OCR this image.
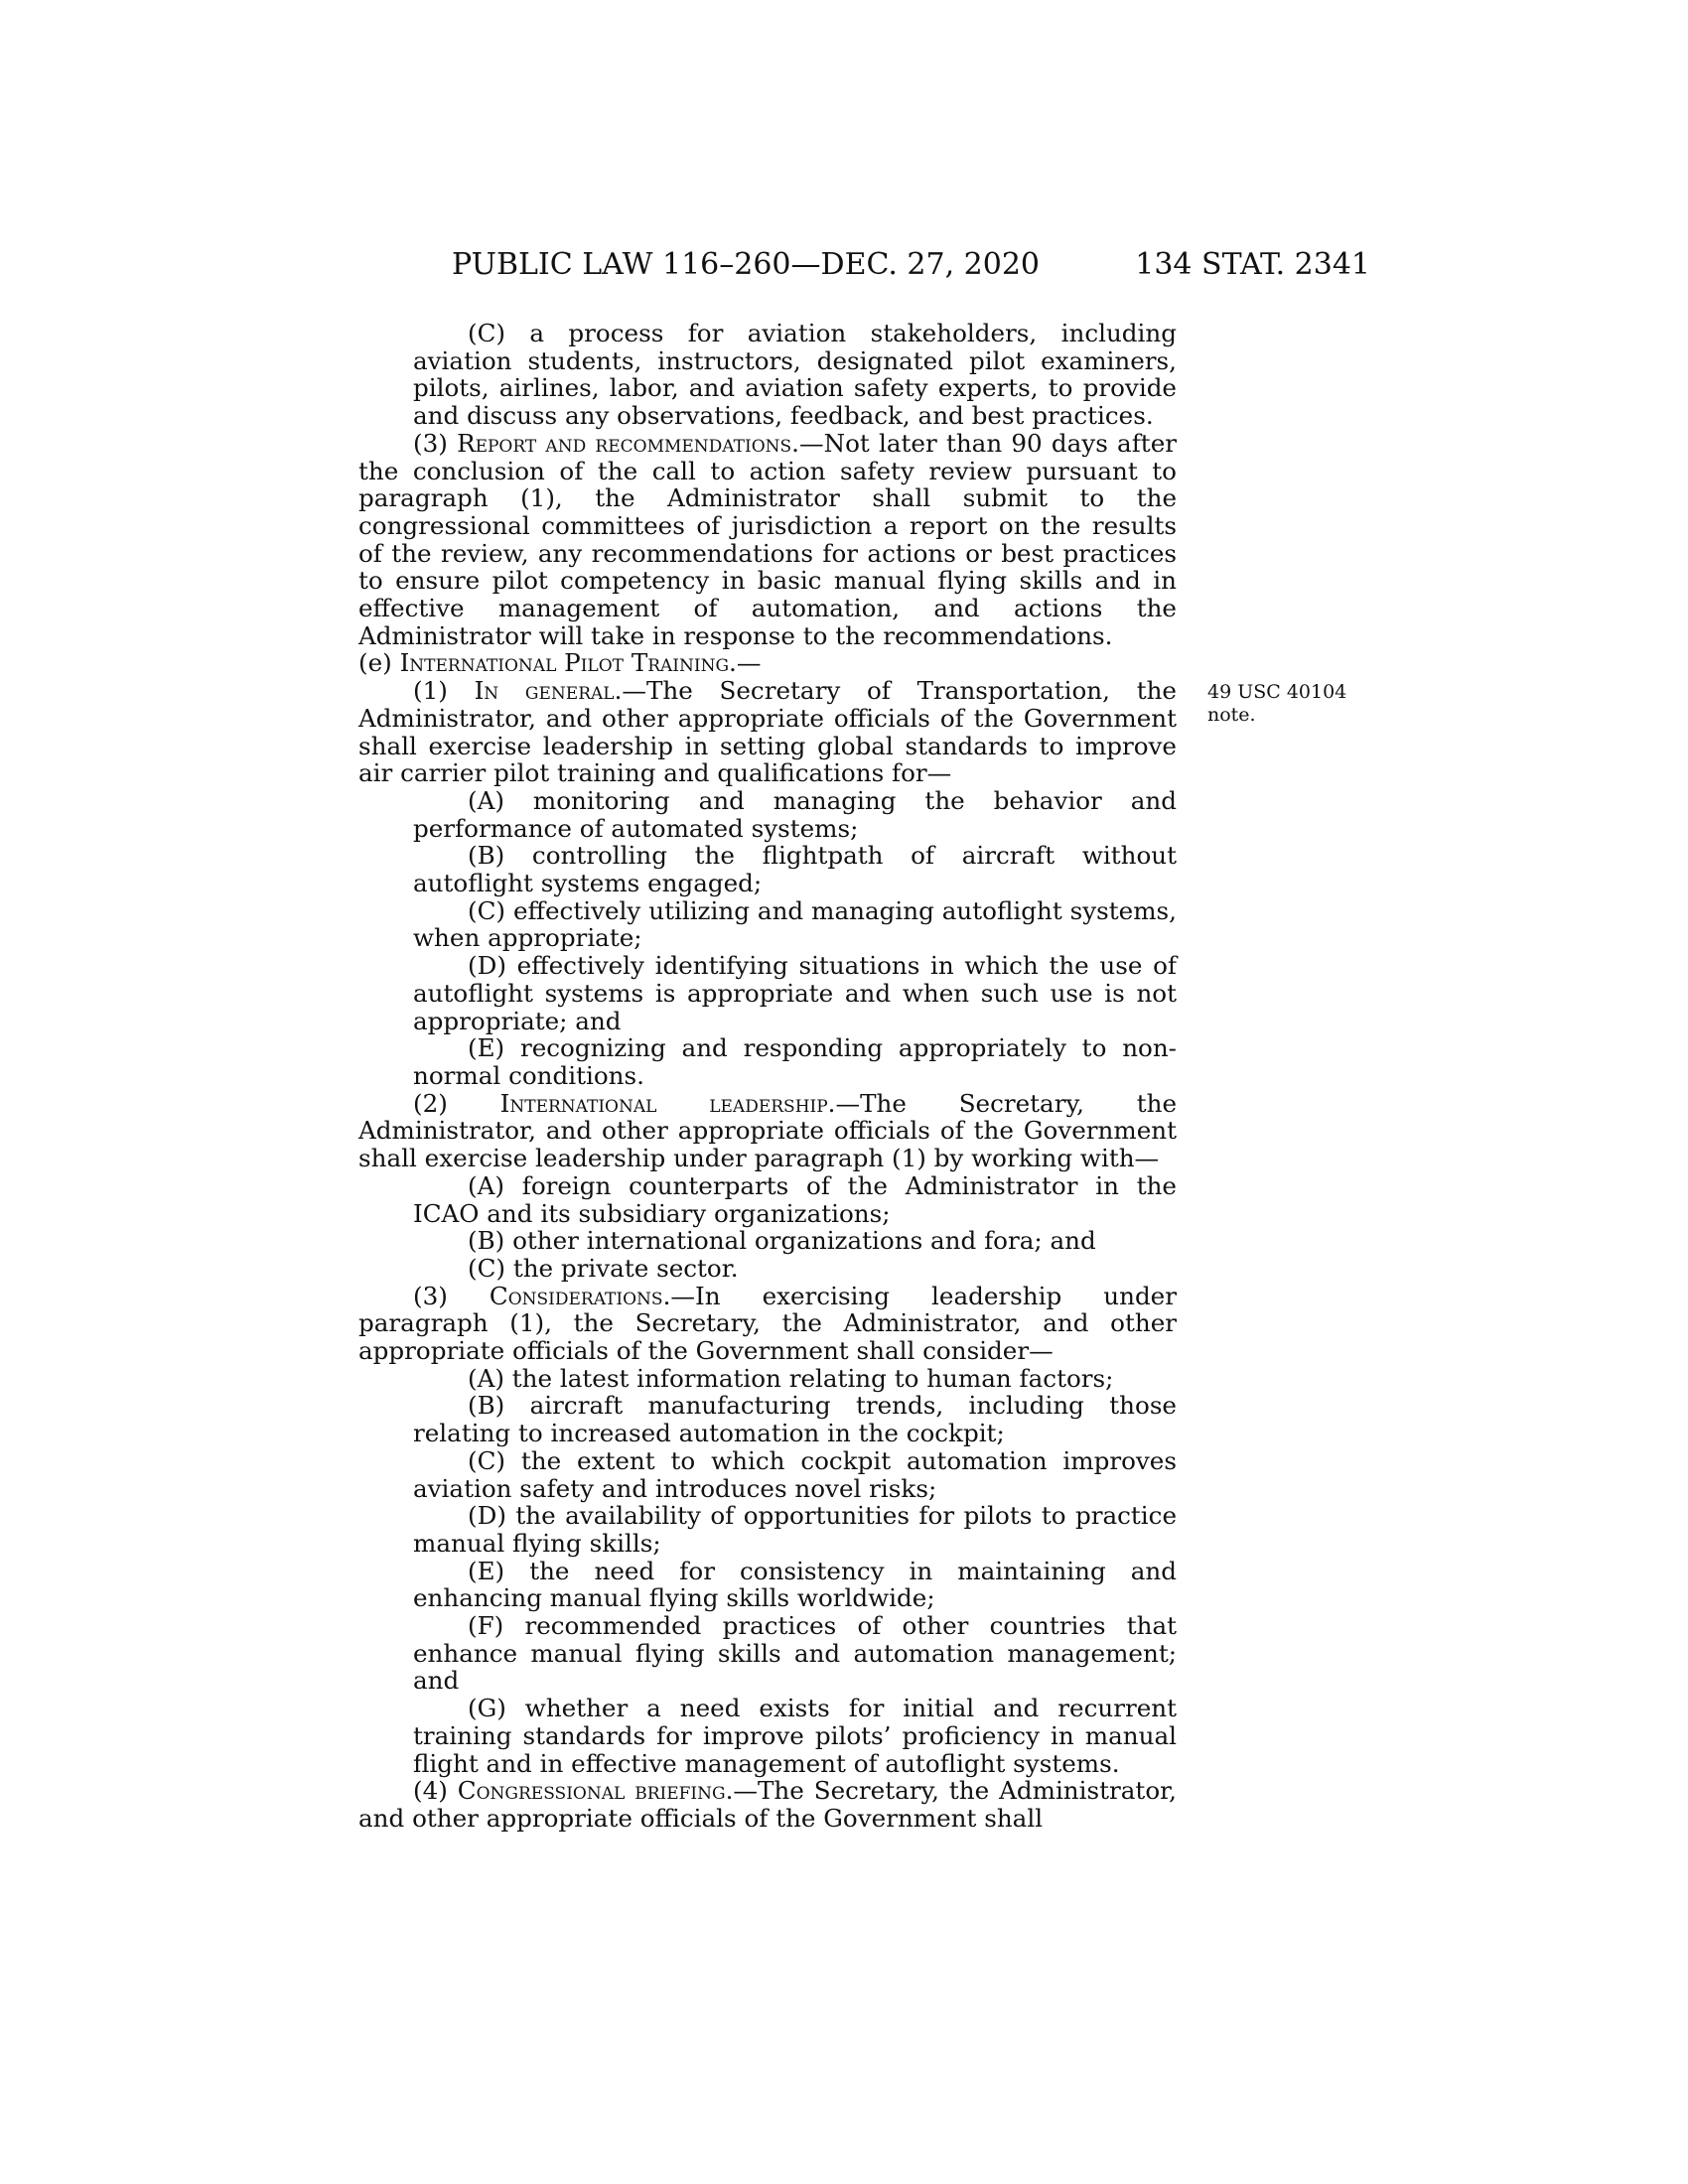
PUBLIC LAW 116–260—DEC. 27, 2020	134 STAT. 2341
49 USC 40104
note.

(C) a process for aviation stakeholders, including aviation students, instructors, designated pilot examiners, pilots, airlines, labor, and aviation safety experts, to provide and discuss any observations, feedback, and best practices.

(3) Report and recommendations.—Not later than 90 days after the conclusion of the call to action safety review pursuant to paragraph (1), the Administrator shall submit to the congressional committees of jurisdiction a report on the results of the review, any recommendations for actions or best practices to ensure pilot competency in basic manual flying skills and in effective management of automation, and actions the Administrator will take in response to the recommendations.

(e) International Pilot Training.—

(1) In general.—The Secretary of Transportation, the Administrator, and other appropriate officials of the Government shall exercise leadership in setting global standards to improve air carrier pilot training and qualifications for—

(A) monitoring and managing the behavior and performance of automated systems;

(B) controlling the flightpath of aircraft without autoflight systems engaged;

(C) effectively utilizing and managing autoflight systems, when appropriate;

(D) effectively identifying situations in which the use of autoflight systems is appropriate and when such use is not appropriate; and

(E) recognizing and responding appropriately to non-normal conditions.

(2) International leadership.—The Secretary, the Administrator, and other appropriate officials of the Government shall exercise leadership under paragraph (1) by working with—

(A) foreign counterparts of the Administrator in the ICAO and its subsidiary organizations;

(B) other international organizations and fora; and

(C) the private sector.

(3) Considerations.—In exercising leadership under paragraph (1), the Secretary, the Administrator, and other appropriate officials of the Government shall consider—

(A) the latest information relating to human factors;

(B) aircraft manufacturing trends, including those relating to increased automation in the cockpit;

(C) the extent to which cockpit automation improves aviation safety and introduces novel risks;

(D) the availability of opportunities for pilots to practice manual flying skills;

(E) the need for consistency in maintaining and enhancing manual flying skills worldwide;

(F) recommended practices of other countries that enhance manual flying skills and automation management; and

(G) whether a need exists for initial and recurrent training standards for improve pilots’ proficiency in manual flight and in effective management of autoflight systems.

(4) Congressional briefing.—The Secretary, the Administrator, and other appropriate officials of the Government shall
